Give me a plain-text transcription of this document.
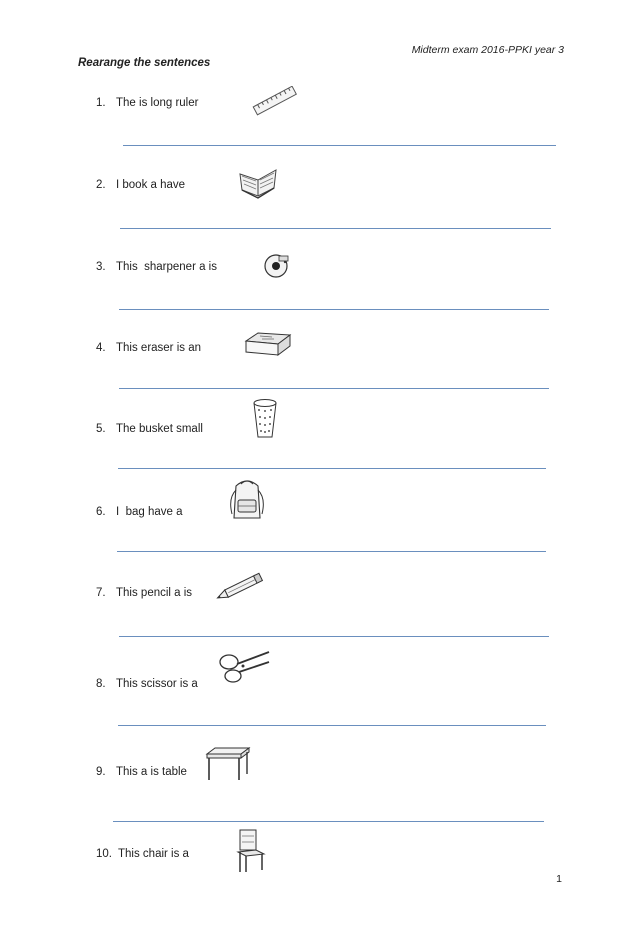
Midterm exam 2016-PPKI year 3
Rearange the sentences
1. The is long ruler
2. I book a have
3. This  sharpener a is
4. This eraser is an
5. The busket small
6. I  bag have a
7. This pencil a is
8. This scissor is a
9. This a is table
10. This chair is a
1
